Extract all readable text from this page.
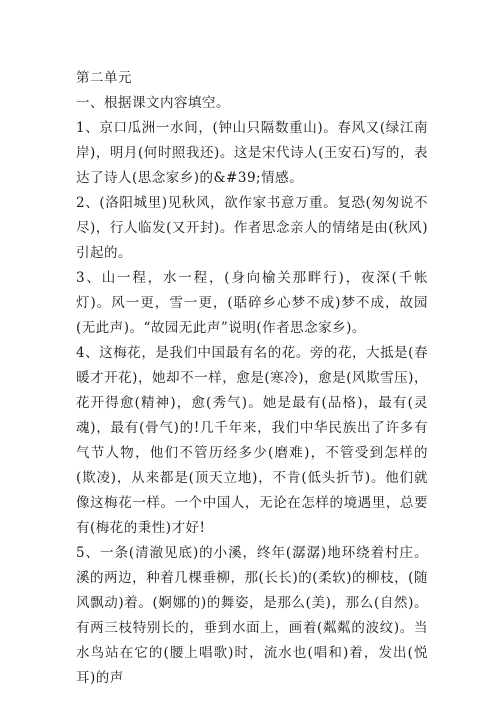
第二单元

一、根据课文内容填空。

1、京口瓜洲一水间，(钟山只隔数重山)。春风又(绿江南岸)，明月(何时照我还)。这是宋代诗人(王安石)写的，表达了诗人(思念家乡)的&#39;情感。

2、(洛阳城里)见秋风，欲作家书意万重。复恐(匆匆说不尽)，行人临发(又开封)。作者思念亲人的情绪是由(秋风)引起的。

3、山一程，水一程，(身向榆关那畔行)，夜深(千帐灯)。风一更，雪一更，(聒碎乡心梦不成)梦不成，故园(无此声)。“故园无此声”说明(作者思念家乡)。

4、这梅花，是我们中国最有名的花。旁的花，大抵是(春暖才开花)，她却不一样，愈是(寒冷)，愈是(风欺雪压)，花开得愈(精神)，愈(秀气)。她是最有(品格)，最有(灵魂)，最有(骨气)的!几千年来，我们中华民族出了许多有气节人物，他们不管历经多少(磨难)，不管受到怎样的(欺凌)，从来都是(顶天立地)，不肯(低头折节)。他们就像这梅花一样。一个中国人，无论在怎样的境遇里，总要有(梅花的秉性)才好!

5、一条(清澈见底)的小溪，终年(潺潺)地环绕着村庄。溪的两边，种着几棵垂柳，那(长长)的(柔软)的柳枝，(随风飘动)着。(婀娜的)的舞姿，是那么(美)，那么(自然)。有两三枝特别长的，垂到水面上，画着(粼粼的波纹)。当水鸟站在它的(腰上唱歌)时，流水也(唱和)着，发出(悦耳)的声
